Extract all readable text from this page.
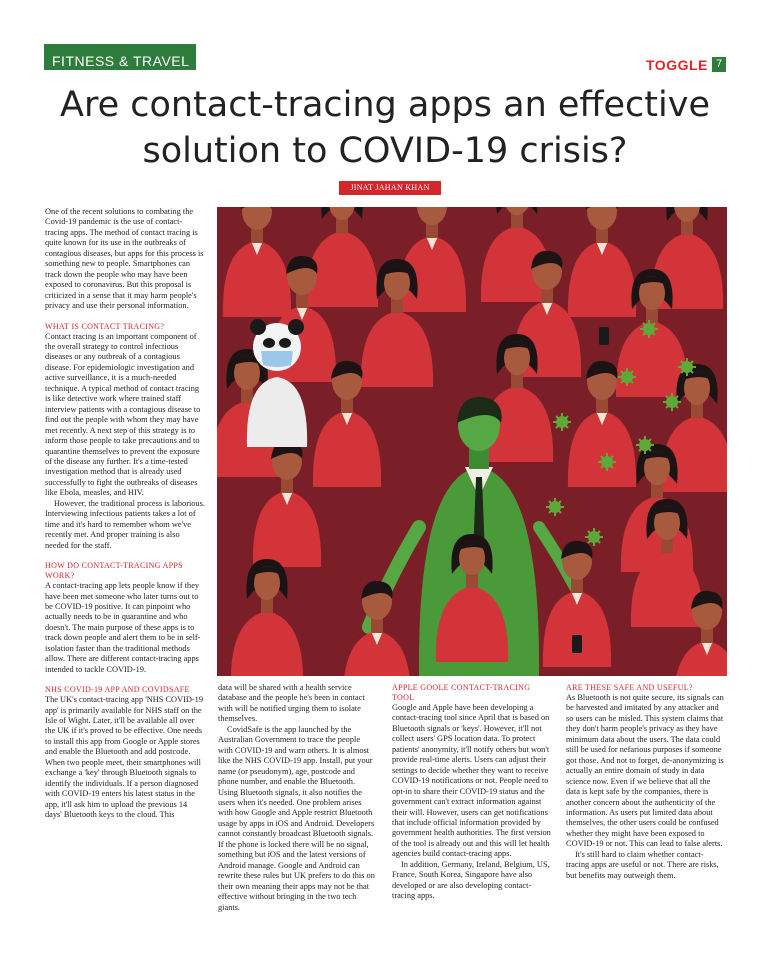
FITNESS & TRAVEL	TOGGLE 7
Are contact-tracing apps an effective
solution to COVID-19 crisis?
JINAT JAHAN KHAN

One of the recent solutions to combating the Covid-19 pandemic is the use of contact-tracing apps. The method of contact tracing is quite known for its use in the outbreaks of contagious diseases, but apps for this process is something new to people. Smartphones can track down the people who may have been exposed to coronavirus. But this proposal is criticized in a sense that it may harm people's privacy and use their personal information.

WHAT IS CONTACT TRACING?

Contact tracing is an important component of the overall strategy to control infectious diseases or any outbreak of a contagious disease. For epidemiologic investigation and active surveillance, it is a much-needed technique. A typical method of contact tracing is like detective work where trained staff interview patients with a contagious disease to find out the people with whom they may have met recently. A next step of this strategy is to inform those people to take precautions and to quarantine themselves to prevent the exposure of the disease any further. It's a time-tested investigation method that is already used successfully to fight the outbreaks of diseases like Ebola, measles, and HIV.

However, the traditional process is laborious. Interviewing infectious patients takes a lot of time and it's hard to remember whom we've recently met. And proper training is also needed for the staff.

HOW DO CONTACT-TRACING APPS WORK?

A contact-tracing app lets people know if they have been met someone who later turns out to be COVID-19 positive. It can pinpoint who actually needs to be in quarantine and who doesn't. The main purpose of these apps is to track down people and alert them to be in self-isolation faster than the traditional methods allow. There are different contact-tracing apps intended to tackle COVID-19.

NHS COVID-19 APP AND COVIDSAFE

The UK's contact-tracing app 'NHS COVID-19 app' is primarily available for NHS staff on the Isle of Wight. Later, it'll be available all over the UK if it's proved to be effective. One needs to install this app from Google or Apple stores and enable the Bluetooth and add postcode. When two people meet, their smartphones will exchange a 'key' through Bluetooth signals to identify the individuals. If a person diagnosed with COVID-19 enters his latest status in the app, it'll ask him to upload the previous 14 days' Bluetooth keys to the cloud. This

data will be shared with a health service database and the people he's been in contact with will be notified urging them to isolate themselves.

CovidSafe is the app launched by the Australian Government to trace the people with COVID-19 and warn others. It is almost like the NHS COVID-19 app. Install, put your name (or pseudonym), age, postcode and phone number, and enable the Bluetooth. Using Bluetooth signals, it also notifies the users when it's needed. One problem arises with how Google and Apple restrict Bluetooth usage by apps in iOS and Android. Developers cannot constantly broadcast Bluetooth signals. If the phone is locked there will be no signal, something but iOS and the latest versions of Android manage. Google and Android can rewrite these rules but UK prefers to do this on their own meaning their apps may not be that effective without bringing in the two tech giants.

APPLE GOOLE CONTACT-TRACING TOOL

Google and Apple have been developing a contact-tracing tool since April that is based on Bluetooth signals or 'keys'. However, it'll not collect users' GPS location data. To protect patients' anonymity, it'll notify others but won't provide real-time alerts. Users can adjust their settings to decide whether they want to receive COVID-19 notifications or not. People need to opt-in to share their COVID-19 status and the government can't extract information against their will. However, users can get notifications that include official information provided by government health authorities. The first version of the tool is already out and this will let health agencies build contact-tracing apps.

In addition, Germany, Ireland, Belgium, US, France, South Korea, Singapore have also developed or are also developing contact-tracing apps.

ARE THESE SAFE AND USEFUL?

As Bluetooth is not quite secure, its signals can be harvested and imitated by any attacker and so users can be misled. This system claims that they don't harm people's privacy as they have minimum data about the users. The data could still be used for nefarious purposes if someone got those. And not to forget, de-anonymizing is actually an entire domain of study in data science now. Even if we believe that all the data is kept safe by the companies, there is another concern about the authenticity of the information. As users put limited data about themselves, the other users could be confused whether they might have been exposed to COVID-19 or not. This can lead to false alerts.

It's still hard to claim whether contact-tracing apps are useful or not. There are risks, but benefits may outweigh them.
